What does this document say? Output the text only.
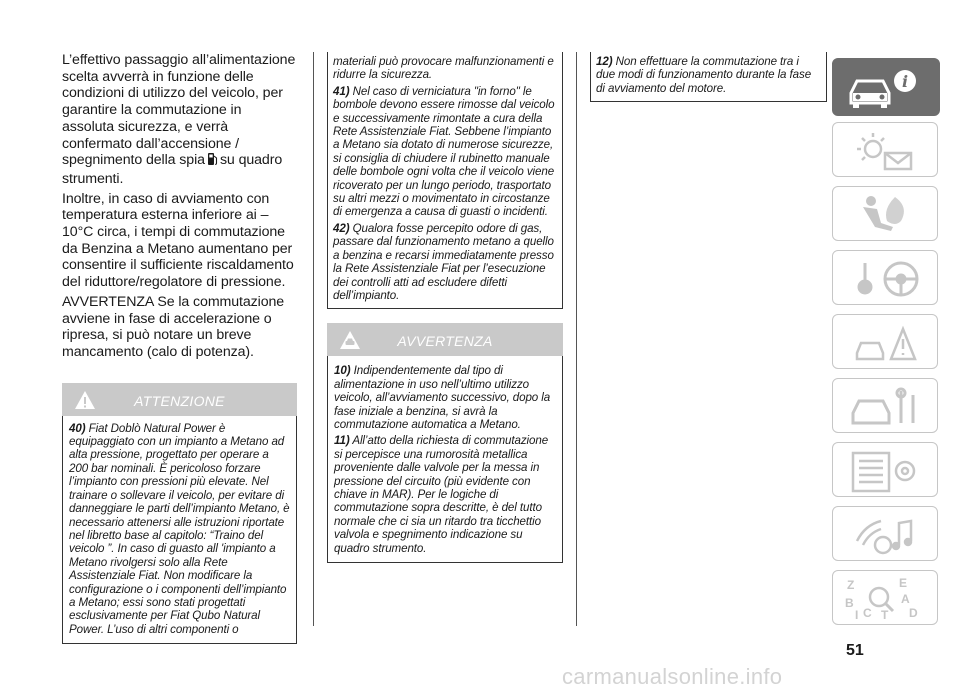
L’effettivo passaggio all’alimentazione scelta avverrà in funzione delle condizioni di utilizzo del veicolo, per garantire la commutazione in assoluta sicurezza, e verrà confermato dall’accensione / spegnimento della spia su quadro strumenti.

Inoltre, in caso di avviamento con temperatura esterna inferiore ai –10°C circa, i tempi di commutazione da Benzina a Metano aumentano per consentire il sufficiente riscaldamento del riduttore/regolatore di pressione.

AVVERTENZA Se la commutazione avviene in fase di accelerazione o ripresa, si può notare un breve mancamento (calo di potenza).

ATTENZIONE

40) Fiat Doblò Natural Power è equipaggiato con un impianto a Metano ad alta pressione, progettato per operare a 200 bar nominali. È pericoloso forzare l’impianto con pressioni più elevate. Nel trainare o sollevare il veicolo, per evitare di danneggiare le parti dell’impianto Metano, è necessario attenersi alle istruzioni riportate nel libretto base al capitolo: “Traino del veicolo ”. In caso di guasto all 'impianto a Metano rivolgersi solo alla Rete Assistenziale Fiat. Non modificare la configurazione o i componenti dell’impianto a Metano; essi sono stati progettati esclusivamente per Fiat Qubo Natural Power. L’uso di altri componenti o

materiali può provocare malfunzionamenti e ridurre la sicurezza.

41) Nel caso di verniciatura "in forno" le bombole devono essere rimosse dal veicolo e successivamente rimontate a cura della Rete Assistenziale Fiat. Sebbene l’impianto a Metano sia dotato di numerose sicurezze, si consiglia di chiudere il rubinetto manuale delle bombole ogni volta che il veicolo viene ricoverato per un lungo periodo, trasportato su altri mezzi o movimentato in circostanze di emergenza a causa di guasti o incidenti.

42) Qualora fosse percepito odore di gas, passare dal funzionamento metano a quello a benzina e recarsi immediatamente presso la Rete Assistenziale Fiat per l’esecuzione dei controlli atti ad escludere difetti dell’impianto.

AVVERTENZA

10) Indipendentemente dal tipo di alimentazione in uso nell’ultimo utilizzo veicolo, all’avviamento successivo, dopo la fase iniziale a benzina, si avrà la commutazione automatica a Metano.

11) All’atto della richiesta di commutazione si percepisce una rumorosità metallica proveniente dalle valvole per la messa in pressione del circuito (più evidente con chiave in MAR). Per le logiche di commutazione sopra descritte, è del tutto normale che ci sia un ritardo tra ticchettio valvola e spegnimento indicazione su quadro strumento.

12) Non effettuare la commutazione tra i due modi di funzionamento durante la fase di avviamento del motore.	i
Z	E
B	A
C T D
I
51
carmanualsonline.info
